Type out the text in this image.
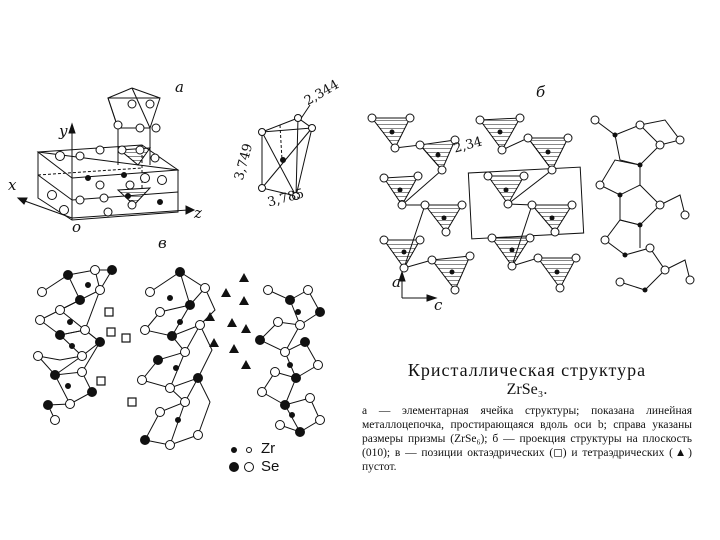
а	б
в
y
x
z
o
2,344
3,749
3,785
2,34
a
c
Zr
Se
Кристаллическая структура
ZrSe₃.
а — элементарная ячейка структуры; показана линейная металлоцепочка, простирающаяся вдоль оси b; справа указаны размеры призмы (ZrSe₆); б — проекция структуры на плоскость (010); в — позиции октаэдрических (◻) и тетраэдрических (▲) пустот.
